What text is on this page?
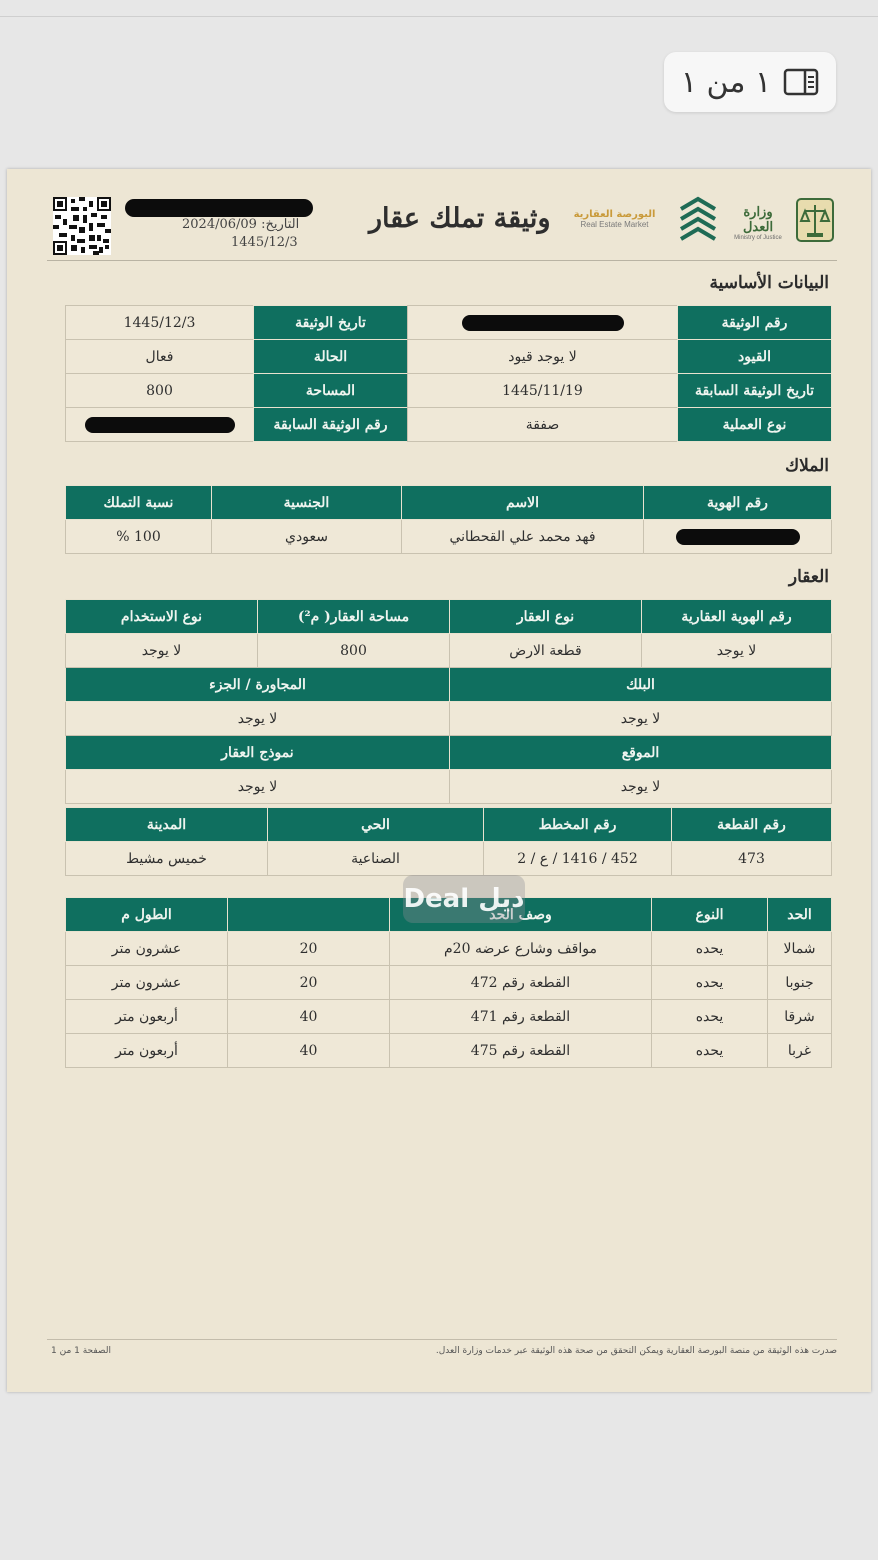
١ من ١
التاريخ: 2024/06/09
1445/12/3
وثيقة تملك عقار	البورصة العقارية
Real Estate Market
وزارة العدل
Ministry of Justice
البيانات الأساسية
رقم الوثيقة		تاريخ الوثيقة	1445/12/3
القيود	لا يوجد قيود	الحالة	فعال
تاريخ الوثيقة السابقة	1445/11/19	المساحة	800
نوع العملية	صفقة	رقم الوثيقة السابقة	
الملاك
رقم الهوية	الاسم	الجنسية	نسبة التملك
	فهد محمد علي القحطاني	سعودي	100 %
العقار
رقم الهوية العقارية	نوع العقار	مساحة العقار( م²)	نوع الاستخدام
لا يوجد	قطعة الارض	800	لا يوجد
البلك		المجاورة / الجزء	
لا يوجد		لا يوجد	
الموقع		نموذج العقار	
لا يوجد		لا يوجد	
رقم القطعة	رقم المخطط	الحي	المدينة
473	452 / 1416 / ع / 2	الصناعية	خميس مشيط
الحد	النوع	وصف الحد		الطول م
شمالا	يحده	مواقف وشارع عرضه 20م	20	عشرون متر
جنوبا	يحده	القطعة رقم 472	20	عشرون متر
شرقا	يحده	القطعة رقم 471	40	أربعون متر
غربا	يحده	القطعة رقم 475	40	أربعون متر
Deal دیل
صدرت هذه الوثيقة من منصة البورصة العقارية ويمكن التحقق من صحة هذه الوثيقة عبر خدمات وزارة العدل.
الصفحة 1 من 1
